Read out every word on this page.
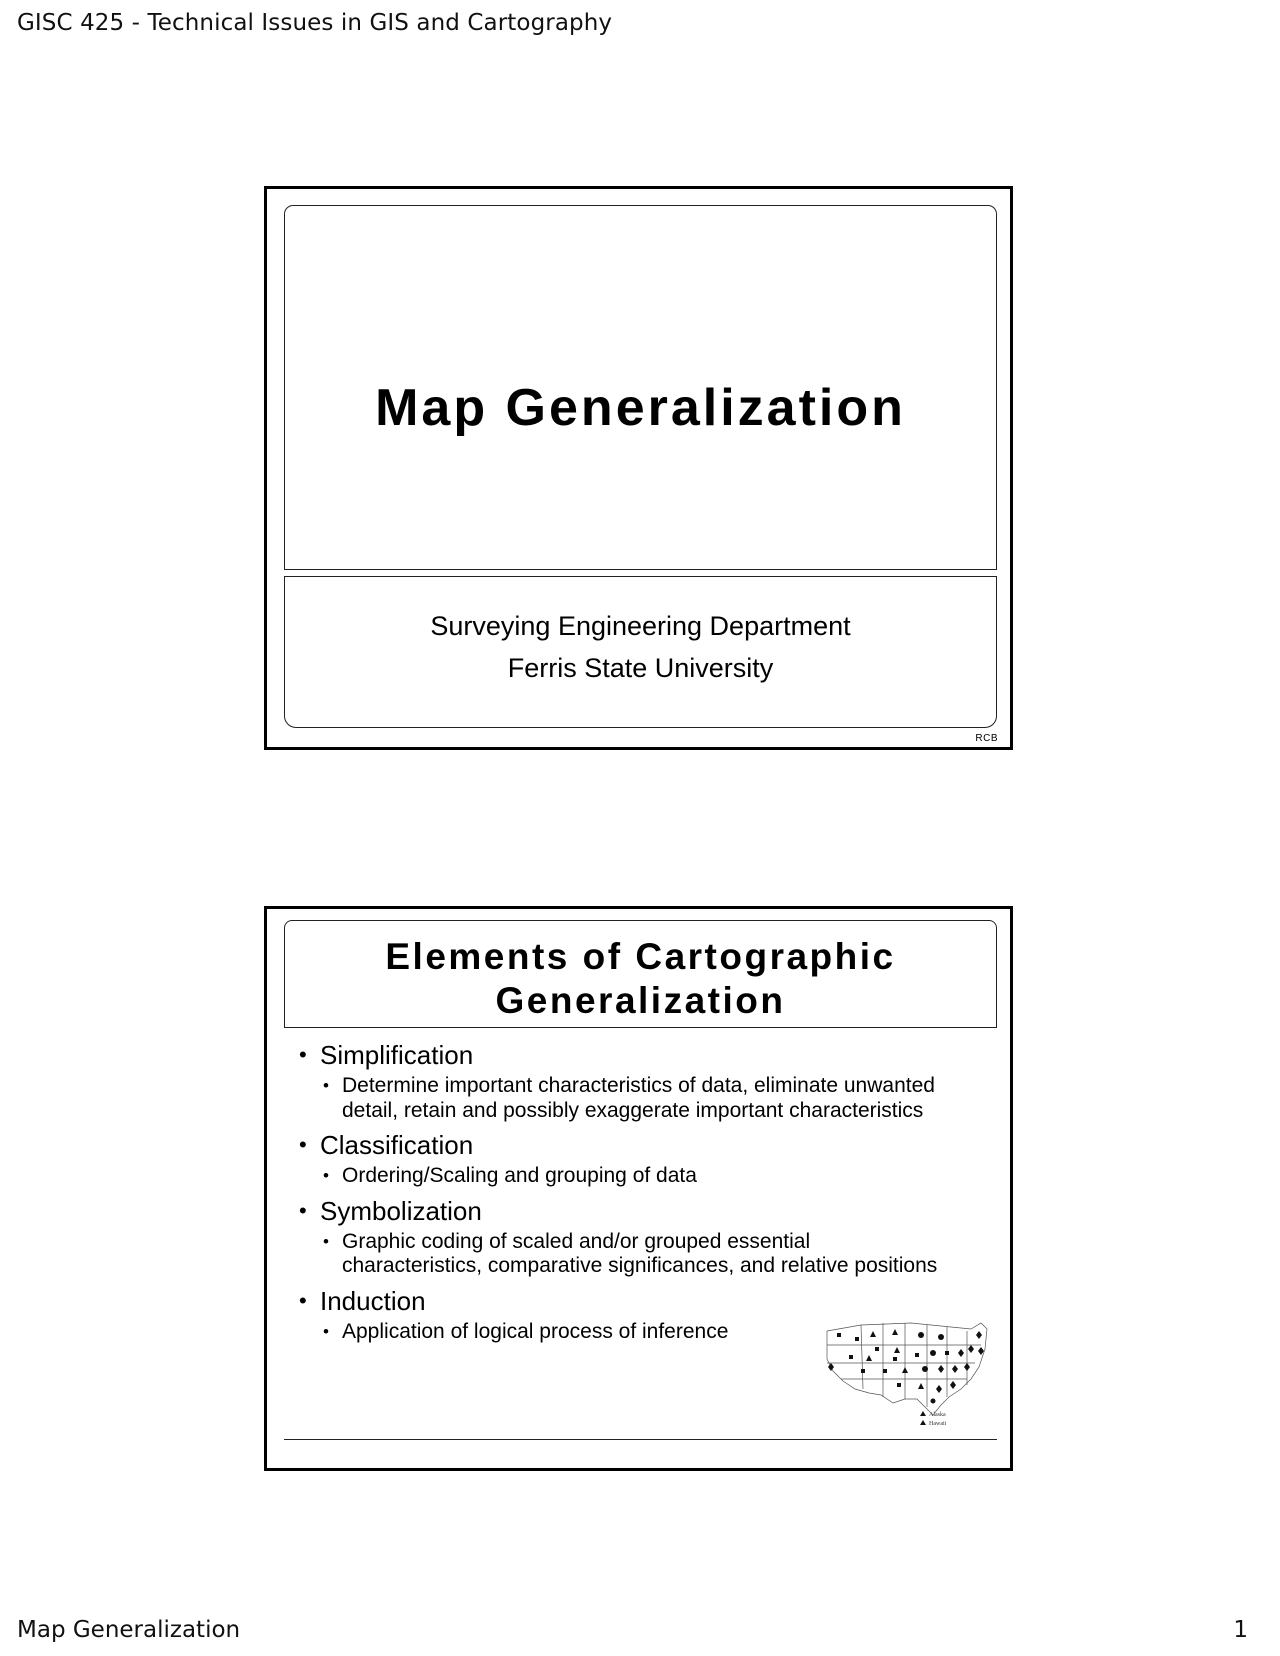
GISC 425 - Technical Issues in GIS and Cartography
Map Generalization
Surveying Engineering Department
Ferris State University
RCB
Elements of Cartographic
Generalization

• Simplification

• Determine important characteristics of data, eliminate unwanted detail, retain and possibly exaggerate important characteristics

• Classification

• Ordering/Scaling and grouping of data

• Symbolization

• Graphic coding of scaled and/or grouped essential characteristics, comparative significances, and relative positions

• Induction

• Application of logical process of inference

Alaska
Hawaii
Map Generalization	1
